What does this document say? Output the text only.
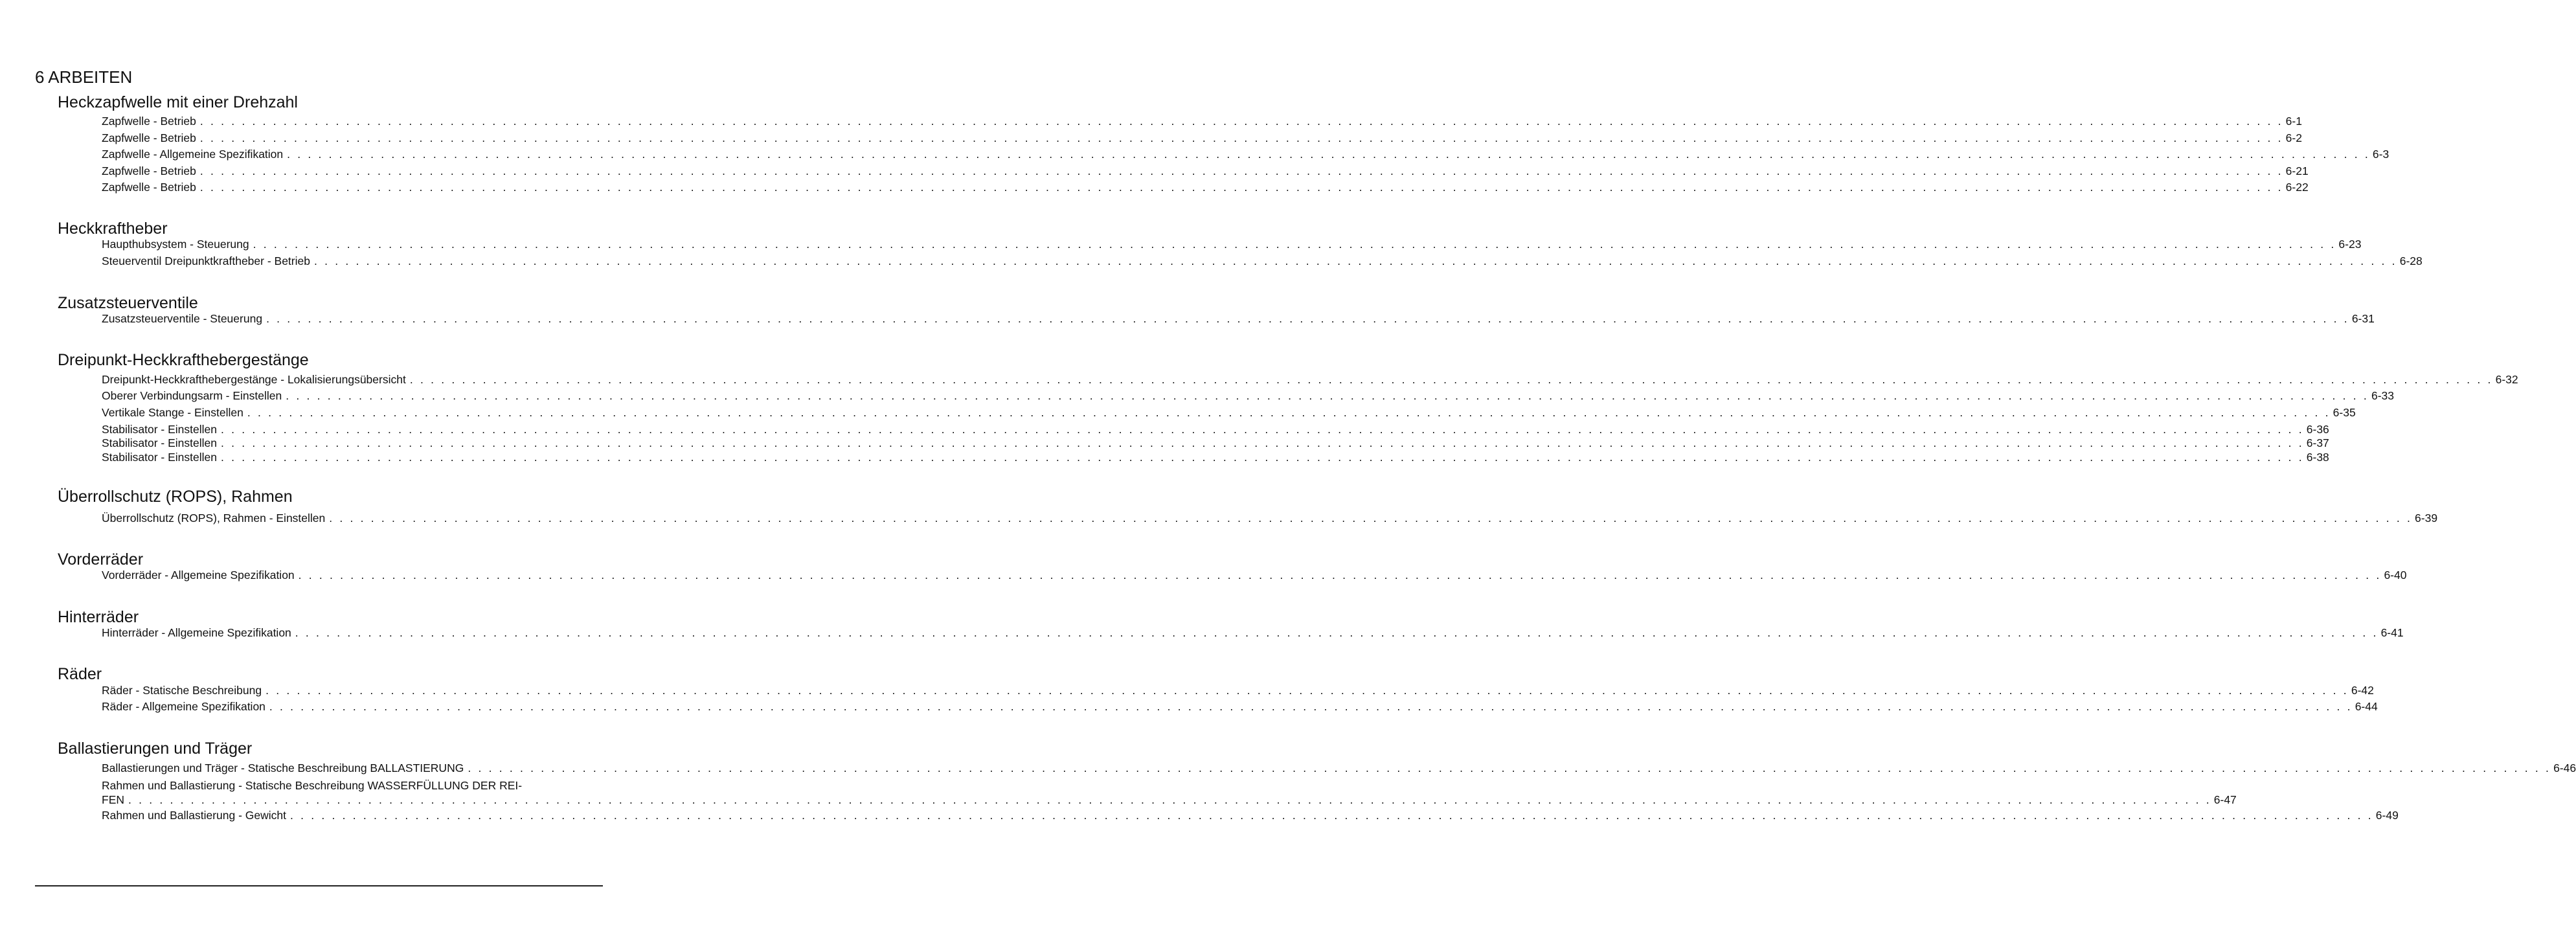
6 ARBEITEN
Heckzapfwelle mit einer Drehzahl
Zapfwelle - Betrieb . . . . . . . . . . . . . . . . . . . . . . . . . . . . . . . . . . . . . . . . . . . . . . . . . . . . . . . . . . . . . . . . . . . . . . . . . . . . . . . . . . . . . . . . . . . . . . . . . . . . . . . . . . . . . . . . . . . . . . . . . . . . . . . . . . . . . . . . . . . . . . . . . . . . . . . . . . . . . . . . . . . . . . . . . . . . . . . . . . . . . . . . . . . . . . . . . . . . . . . . 6-1
Zapfwelle - Betrieb . . . . . . . . . . . . . . . . . . . . . . . . . . . . . . . . . . . . . . . . . . . . . . . . . . . . . . . . . . . . . . . . . . . . . . . . . . . . . . . . . . . . . . . . . . . . . . . . . . . . . . . . . . . . . . . . . . . . . . . . . . . . . . . . . . . . . . . . . . . . . . . . . . . . . . . . . . . . . . . . . . . . . . . . . . . . . . . . . . . . . . . . . . . . . . . . . . . . . . . . 6-2
Zapfwelle - Allgemeine Spezifikation . . . . . . . . . . . . . . . . . . . . . . . . . . . . . . . . . . . . . . . . . . . . . . . . . . . . . . . . . . . . . . . . . . . . . . . . . . . . . . . . . . . . . . . . . . . . . . . . . . . . . . . . . . . . . . . . . . . . . . . . . . . . . . . . . . . . . . . . . . . . . . . . . . . . . . . . . . . . . . . . . . . . . . . . . . . . . . . . . . . . . . . . . . . . . . . . . . . . . . . . 6-3
Zapfwelle - Betrieb . . . . . . . . . . . . . . . . . . . . . . . . . . . . . . . . . . . . . . . . . . . . . . . . . . . . . . . . . . . . . . . . . . . . . . . . . . . . . . . . . . . . . . . . . . . . . . . . . . . . . . . . . . . . . . . . . . . . . . . . . . . . . . . . . . . . . . . . . . . . . . . . . . . . . . . . . . . . . . . . . . . . . . . . . . . . . . . . . . . . . . . . . . . . . . . . . . . . . . . . 6-21
Zapfwelle - Betrieb . . . . . . . . . . . . . . . . . . . . . . . . . . . . . . . . . . . . . . . . . . . . . . . . . . . . . . . . . . . . . . . . . . . . . . . . . . . . . . . . . . . . . . . . . . . . . . . . . . . . . . . . . . . . . . . . . . . . . . . . . . . . . . . . . . . . . . . . . . . . . . . . . . . . . . . . . . . . . . . . . . . . . . . . . . . . . . . . . . . . . . . . . . . . . . . . . . . . . . . . 6-22
Heckkraftheber
Haupthubsystem - Steuerung . . . . . . . . . . . . . . . . . . . . . . . . . . . . . . . . . . . . . . . . . . . . . . . . . . . . . . . . . . . . . . . . . . . . . . . . . . . . . . . . . . . . . . . . . . . . . . . . . . . . . . . . . . . . . . . . . . . . . . . . . . . . . . . . . . . . . . . . . . . . . . . . . . . . . . . . . . . . . . . . . . . . . . . . . . . . . . . . . . . . . . . . . . . . . . . . . . . . . . . . 6-23
Steuerventil Dreipunktkraftheber - Betrieb . . . . . . . . . . . . . . . . . . . . . . . . . . . . . . . . . . . . . . . . . . . . . . . . . . . . . . . . . . . . . . . . . . . . . . . . . . . . . . . . . . . . . . . . . . . . . . . . . . . . . . . . . . . . . . . . . . . . . . . . . . . . . . . . . . . . . . . . . . . . . . . . . . . . . . . . . . . . . . . . . . . . . . . . . . . . . . . . . . . . . . . . . . . . . . . . . . . . . . . . 6-28
Zusatzsteuerventile
Zusatzsteuerventile - Steuerung . . . . . . . . . . . . . . . . . . . . . . . . . . . . . . . . . . . . . . . . . . . . . . . . . . . . . . . . . . . . . . . . . . . . . . . . . . . . . . . . . . . . . . . . . . . . . . . . . . . . . . . . . . . . . . . . . . . . . . . . . . . . . . . . . . . . . . . . . . . . . . . . . . . . . . . . . . . . . . . . . . . . . . . . . . . . . . . . . . . . . . . . . . . . . . . . . . . . . . . . 6-31
Dreipunkt-Heckkrafthebergestänge
Dreipunkt-Heckkrafthebergestänge - Lokalisierungsübersicht . . . . . . . . . . . . . . . . . . . . . . . . . . . . . . . . . . . . . . . . . . . . . . . . . . . . . . . . . . . . . . . . . . . . . . . . . . . . . . . . . . . . . . . . . . . . . . . . . . . . . . . . . . . . . . . . . . . . . . . . . . . . . . . . . . . . . . . . . . . . . . . . . . . . . . . . . . . . . . . . . . . . . . . . . . . . . . . . . . . . . . . . . . . . . . . . . . . . . . . . 6-32
Oberer Verbindungsarm - Einstellen . . . . . . . . . . . . . . . . . . . . . . . . . . . . . . . . . . . . . . . . . . . . . . . . . . . . . . . . . . . . . . . . . . . . . . . . . . . . . . . . . . . . . . . . . . . . . . . . . . . . . . . . . . . . . . . . . . . . . . . . . . . . . . . . . . . . . . . . . . . . . . . . . . . . . . . . . . . . . . . . . . . . . . . . . . . . . . . . . . . . . . . . . . . . . . . . . . . . . . . . 6-33
Vertikale Stange - Einstellen . . . . . . . . . . . . . . . . . . . . . . . . . . . . . . . . . . . . . . . . . . . . . . . . . . . . . . . . . . . . . . . . . . . . . . . . . . . . . . . . . . . . . . . . . . . . . . . . . . . . . . . . . . . . . . . . . . . . . . . . . . . . . . . . . . . . . . . . . . . . . . . . . . . . . . . . . . . . . . . . . . . . . . . . . . . . . . . . . . . . . . . . . . . . . . . . . . . . . . . . 6-35
Stabilisator - Einstellen . . . . . . . . . . . . . . . . . . . . . . . . . . . . . . . . . . . . . . . . . . . . . . . . . . . . . . . . . . . . . . . . . . . . . . . . . . . . . . . . . . . . . . . . . . . . . . . . . . . . . . . . . . . . . . . . . . . . . . . . . . . . . . . . . . . . . . . . . . . . . . . . . . . . . . . . . . . . . . . . . . . . . . . . . . . . . . . . . . . . . . . . . . . . . . . . . . . . . . . . 6-36
Stabilisator - Einstellen . . . . . . . . . . . . . . . . . . . . . . . . . . . . . . . . . . . . . . . . . . . . . . . . . . . . . . . . . . . . . . . . . . . . . . . . . . . . . . . . . . . . . . . . . . . . . . . . . . . . . . . . . . . . . . . . . . . . . . . . . . . . . . . . . . . . . . . . . . . . . . . . . . . . . . . . . . . . . . . . . . . . . . . . . . . . . . . . . . . . . . . . . . . . . . . . . . . . . . . . 6-37
Stabilisator - Einstellen . . . . . . . . . . . . . . . . . . . . . . . . . . . . . . . . . . . . . . . . . . . . . . . . . . . . . . . . . . . . . . . . . . . . . . . . . . . . . . . . . . . . . . . . . . . . . . . . . . . . . . . . . . . . . . . . . . . . . . . . . . . . . . . . . . . . . . . . . . . . . . . . . . . . . . . . . . . . . . . . . . . . . . . . . . . . . . . . . . . . . . . . . . . . . . . . . . . . . . . . 6-38
Überrollschutz (ROPS), Rahmen
Überrollschutz (ROPS), Rahmen - Einstellen . . . . . . . . . . . . . . . . . . . . . . . . . . . . . . . . . . . . . . . . . . . . . . . . . . . . . . . . . . . . . . . . . . . . . . . . . . . . . . . . . . . . . . . . . . . . . . . . . . . . . . . . . . . . . . . . . . . . . . . . . . . . . . . . . . . . . . . . . . . . . . . . . . . . . . . . . . . . . . . . . . . . . . . . . . . . . . . . . . . . . . . . . . . . . . . . . . . . . . . . 6-39
Vorderräder
Vorderräder - Allgemeine Spezifikation . . . . . . . . . . . . . . . . . . . . . . . . . . . . . . . . . . . . . . . . . . . . . . . . . . . . . . . . . . . . . . . . . . . . . . . . . . . . . . . . . . . . . . . . . . . . . . . . . . . . . . . . . . . . . . . . . . . . . . . . . . . . . . . . . . . . . . . . . . . . . . . . . . . . . . . . . . . . . . . . . . . . . . . . . . . . . . . . . . . . . . . . . . . . . . . . . . . . . . . . 6-40
Hinterräder
Hinterräder - Allgemeine Spezifikation . . . . . . . . . . . . . . . . . . . . . . . . . . . . . . . . . . . . . . . . . . . . . . . . . . . . . . . . . . . . . . . . . . . . . . . . . . . . . . . . . . . . . . . . . . . . . . . . . . . . . . . . . . . . . . . . . . . . . . . . . . . . . . . . . . . . . . . . . . . . . . . . . . . . . . . . . . . . . . . . . . . . . . . . . . . . . . . . . . . . . . . . . . . . . . . . . . . . . . . . 6-41
Räder
Räder - Statische Beschreibung . . . . . . . . . . . . . . . . . . . . . . . . . . . . . . . . . . . . . . . . . . . . . . . . . . . . . . . . . . . . . . . . . . . . . . . . . . . . . . . . . . . . . . . . . . . . . . . . . . . . . . . . . . . . . . . . . . . . . . . . . . . . . . . . . . . . . . . . . . . . . . . . . . . . . . . . . . . . . . . . . . . . . . . . . . . . . . . . . . . . . . . . . . . . . . . . . . . . . . . . 6-42
Räder - Allgemeine Spezifikation . . . . . . . . . . . . . . . . . . . . . . . . . . . . . . . . . . . . . . . . . . . . . . . . . . . . . . . . . . . . . . . . . . . . . . . . . . . . . . . . . . . . . . . . . . . . . . . . . . . . . . . . . . . . . . . . . . . . . . . . . . . . . . . . . . . . . . . . . . . . . . . . . . . . . . . . . . . . . . . . . . . . . . . . . . . . . . . . . . . . . . . . . . . . . . . . . . . . . . . . 6-44
Ballastierungen und Träger
Ballastierungen und Träger - Statische Beschreibung BALLASTIERUNG . . . . . . . . . . . . . . . . . . . . . . . . . . . . . . . . . . . . . . . . . . . . . . . . . . . . . . . . . . . . . . . . . . . . . . . . . . . . . . . . . . . . . . . . . . . . . . . . . . . . . . . . . . . . . . . . . . . . . . . . . . . . . . . . . . . . . . . . . . . . . . . . . . . . . . . . . . . . . . . . . . . . . . . . . . . . . . . . . . . . . . . . . . . . . . . . . . . . . . . . 6-46
Rahmen und Ballastierung - Statische Beschreibung WASSERFÜLLUNG DER REI-
FEN . . . . . . . . . . . . . . . . . . . . . . . . . . . . . . . . . . . . . . . . . . . . . . . . . . . . . . . . . . . . . . . . . . . . . . . . . . . . . . . . . . . . . . . . . . . . . . . . . . . . . . . . . . . . . . . . . . . . . . . . . . . . . . . . . . . . . . . . . . . . . . . . . . . . . . . . . . . . . . . . . . . . . . . . . . . . . . . . . . . . . . . . . . . . . . . . . . . . . . . . 6-47
Rahmen und Ballastierung - Gewicht . . . . . . . . . . . . . . . . . . . . . . . . . . . . . . . . . . . . . . . . . . . . . . . . . . . . . . . . . . . . . . . . . . . . . . . . . . . . . . . . . . . . . . . . . . . . . . . . . . . . . . . . . . . . . . . . . . . . . . . . . . . . . . . . . . . . . . . . . . . . . . . . . . . . . . . . . . . . . . . . . . . . . . . . . . . . . . . . . . . . . . . . . . . . . . . . . . . . . . . . 6-49
